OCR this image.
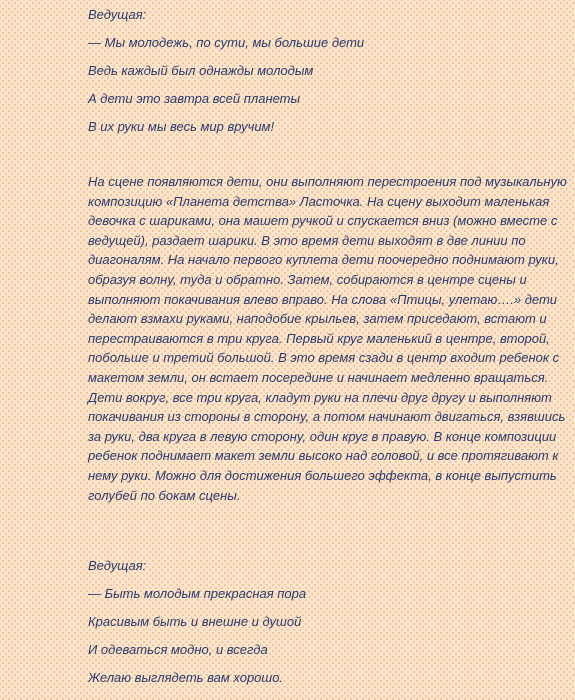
Ведущая:
— Мы молодежь, по сути, мы большие дети
Ведь каждый был однажды молодым
А дети это завтра всей планеты
В их руки мы весь мир вручим!
На сцене появляются дети, они выполняют перестроения под музыкальную композицию «Планета детства» Ласточка. На сцену выходит маленькая девочка с шариками, она машет ручкой и спускается вниз (можно вместе с ведущей), раздает шарики. В это время дети выходят в две линии по диагоналям. На начало первого куплета дети поочередно поднимают руки, образуя волну, туда и обратно. Затем, собираются в центре сцены и выполняют покачивания влево вправо. На слова «Птицы, улетаю….» дети делают взмахи руками, наподобие крыльев, затем приседают, встают и перестраиваются в три круга. Первый круг маленький в центре, второй, побольше и третий большой. В это время сзади в центр входит ребенок с макетом земли, он встает посередине и начинает медленно вращаться. Дети вокруг, все три круга, кладут руки на плечи друг другу и выполняют покачивания из стороны в сторону, а потом начинают двигаться, взявшись за руки, два круга в левую сторону, один круг в правую. В конце композиции ребенок поднимает макет земли высоко над головой, и все протягивают к нему руки. Можно для достижения большего эффекта, в конце выпустить голубей по бокам сцены.
Ведущая:
— Быть молодым прекрасная пора
Красивым быть и внешне и душой
И одеваться модно, и всегда
Желаю выглядеть вам хорошо.
